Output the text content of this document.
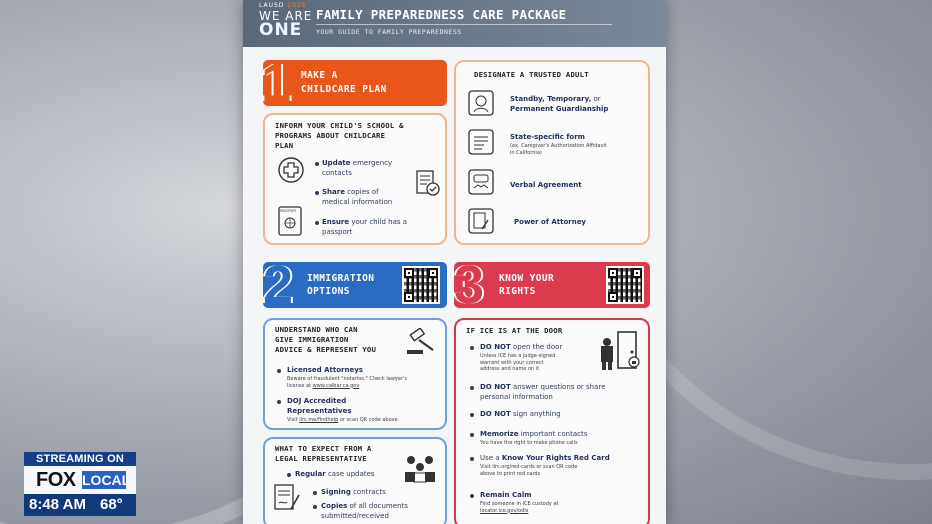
LAUSD 2025
WE ARE
ONE
FAMILY PREPAREDNESS CARE PACKAGE
YOUR GUIDE TO FAMILY PREPAREDNESS
1 MAKE A
CHILDCARE PLAN
INFORM YOUR CHILD'S SCHOOL &
PROGRAMS ABOUT CHILDCARE
PLAN
Update emergency
contacts
Share copies of
medical information
PASSPORT
Ensure your child has a
passport
DESIGNATE A TRUSTED ADULT
Standby, Temporary, or
Permanent Guardianship
State-specific form
(ex. Caregiver's Authorization Affidavit
in California)
Verbal Agreement
Power of Attorney
2 IMMIGRATION
OPTIONS
UNDERSTAND WHO CAN
GIVE IMMIGRATION
ADVICE & REPRESENT YOU
Licensed Attorneys
Beware of fraudulent "notarios." Check lawyer's
license at www.calbar.ca.gov
DOJ Accredited
Representatives
Visit ilrc.me/findhelp or scan QR code above
WHAT TO EXPECT FROM A
LEGAL REPRESENTATIVE
Regular case updates
Signing contracts
Copies of all documents
submitted/received
3 KNOW YOUR
RIGHTS
IF ICE IS AT THE DOOR
DO NOT open the door
Unless ICE has a judge-signed
warrant with your correct
address and name on it
DO NOT answer questions or share
personal information
DO NOT sign anything
Memorize important contacts
You have the right to make phone calls
Use a Know Your Rights Red Card
Visit ilrc.org/red-cards or scan QR code
above to print red cards
Remain Calm
Find someone in ICE custody at
locator.ice.gov/odls
STREAMING ON
FOX LOCAL
8:48 AM 68°
